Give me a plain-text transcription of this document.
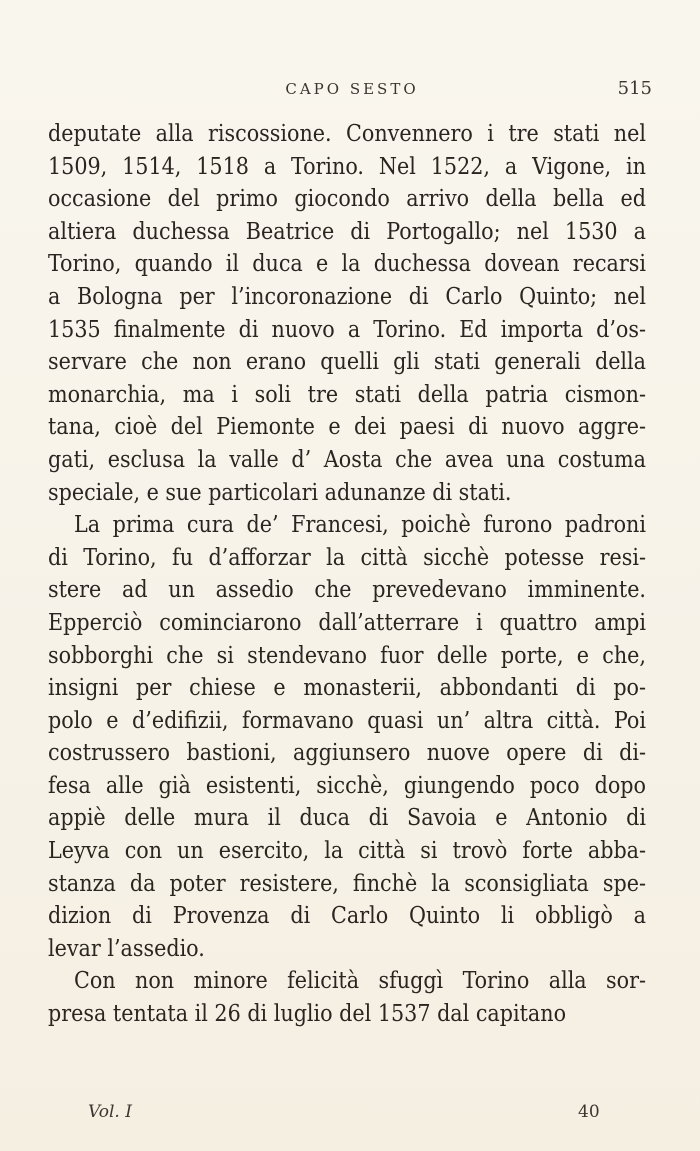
CAPO SESTO	515
deputate alla riscossione. Convennero i tre stati nel
1509, 1514, 1518 a Torino. Nel 1522, a Vigone, in
occasione del primo giocondo arrivo della bella ed
altiera duchessa Beatrice di Portogallo; nel 1530 a
Torino, quando il duca e la duchessa dovean recarsi
a Bologna per l’incoronazione di Carlo Quinto; nel
1535 finalmente di nuovo a Torino. Ed importa d’os-
servare che non erano quelli gli stati generali della
monarchia, ma i soli tre stati della patria cismon-
tana, cioè del Piemonte e dei paesi di nuovo aggre-
gati, esclusa la valle d’ Aosta che avea una costuma
speciale, e sue particolari adunanze di stati.
La prima cura de’ Francesi, poichè furono padroni
di Torino, fu d’afforzar la città sicchè potesse resi-
stere ad un assedio che prevedevano imminente.
Epperciò cominciarono dall’atterrare i quattro ampi
sobborghi che si stendevano fuor delle porte, e che,
insigni per chiese e monasterii, abbondanti di po-
polo e d’edifizii, formavano quasi un’ altra città. Poi
costrussero bastioni, aggiunsero nuove opere di di-
fesa alle già esistenti, sicchè, giungendo poco dopo
appiè delle mura il duca di Savoia e Antonio di
Leyva con un esercito, la città si trovò forte abba-
stanza da poter resistere, finchè la sconsigliata spe-
dizion di Provenza di Carlo Quinto li obbligò a
levar l’assedio.
Con non minore felicità sfuggì Torino alla sor-
presa tentata il 26 di luglio del 1537 dal capitano
Vol. I	40
